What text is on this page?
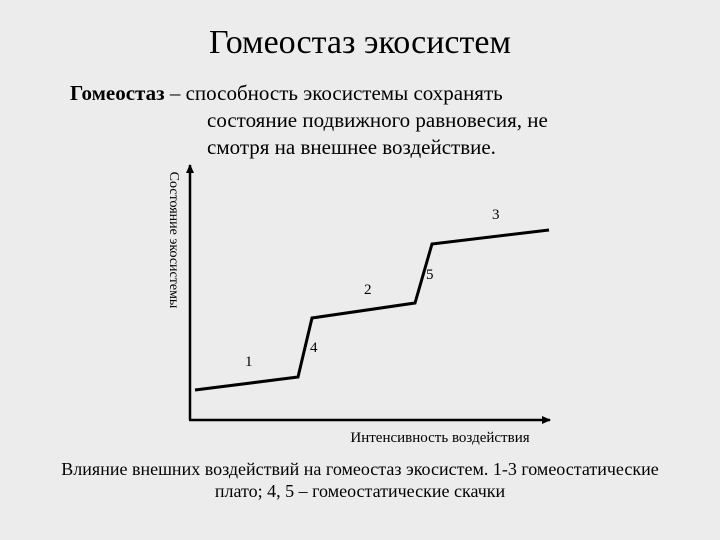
Гомеостаз экосистем
Гомеостаз – способность экосистемы сохранять
состояние подвижного равновесия, не
смотря на внешнее воздействие.
Состояние экосистемы
Интенсивность воздействия
1
4
2
5
3
Влияние внешних воздействий на гомеостаз экосистем. 1-3 гомеостатические
плато; 4, 5 – гомеостатические скачки
